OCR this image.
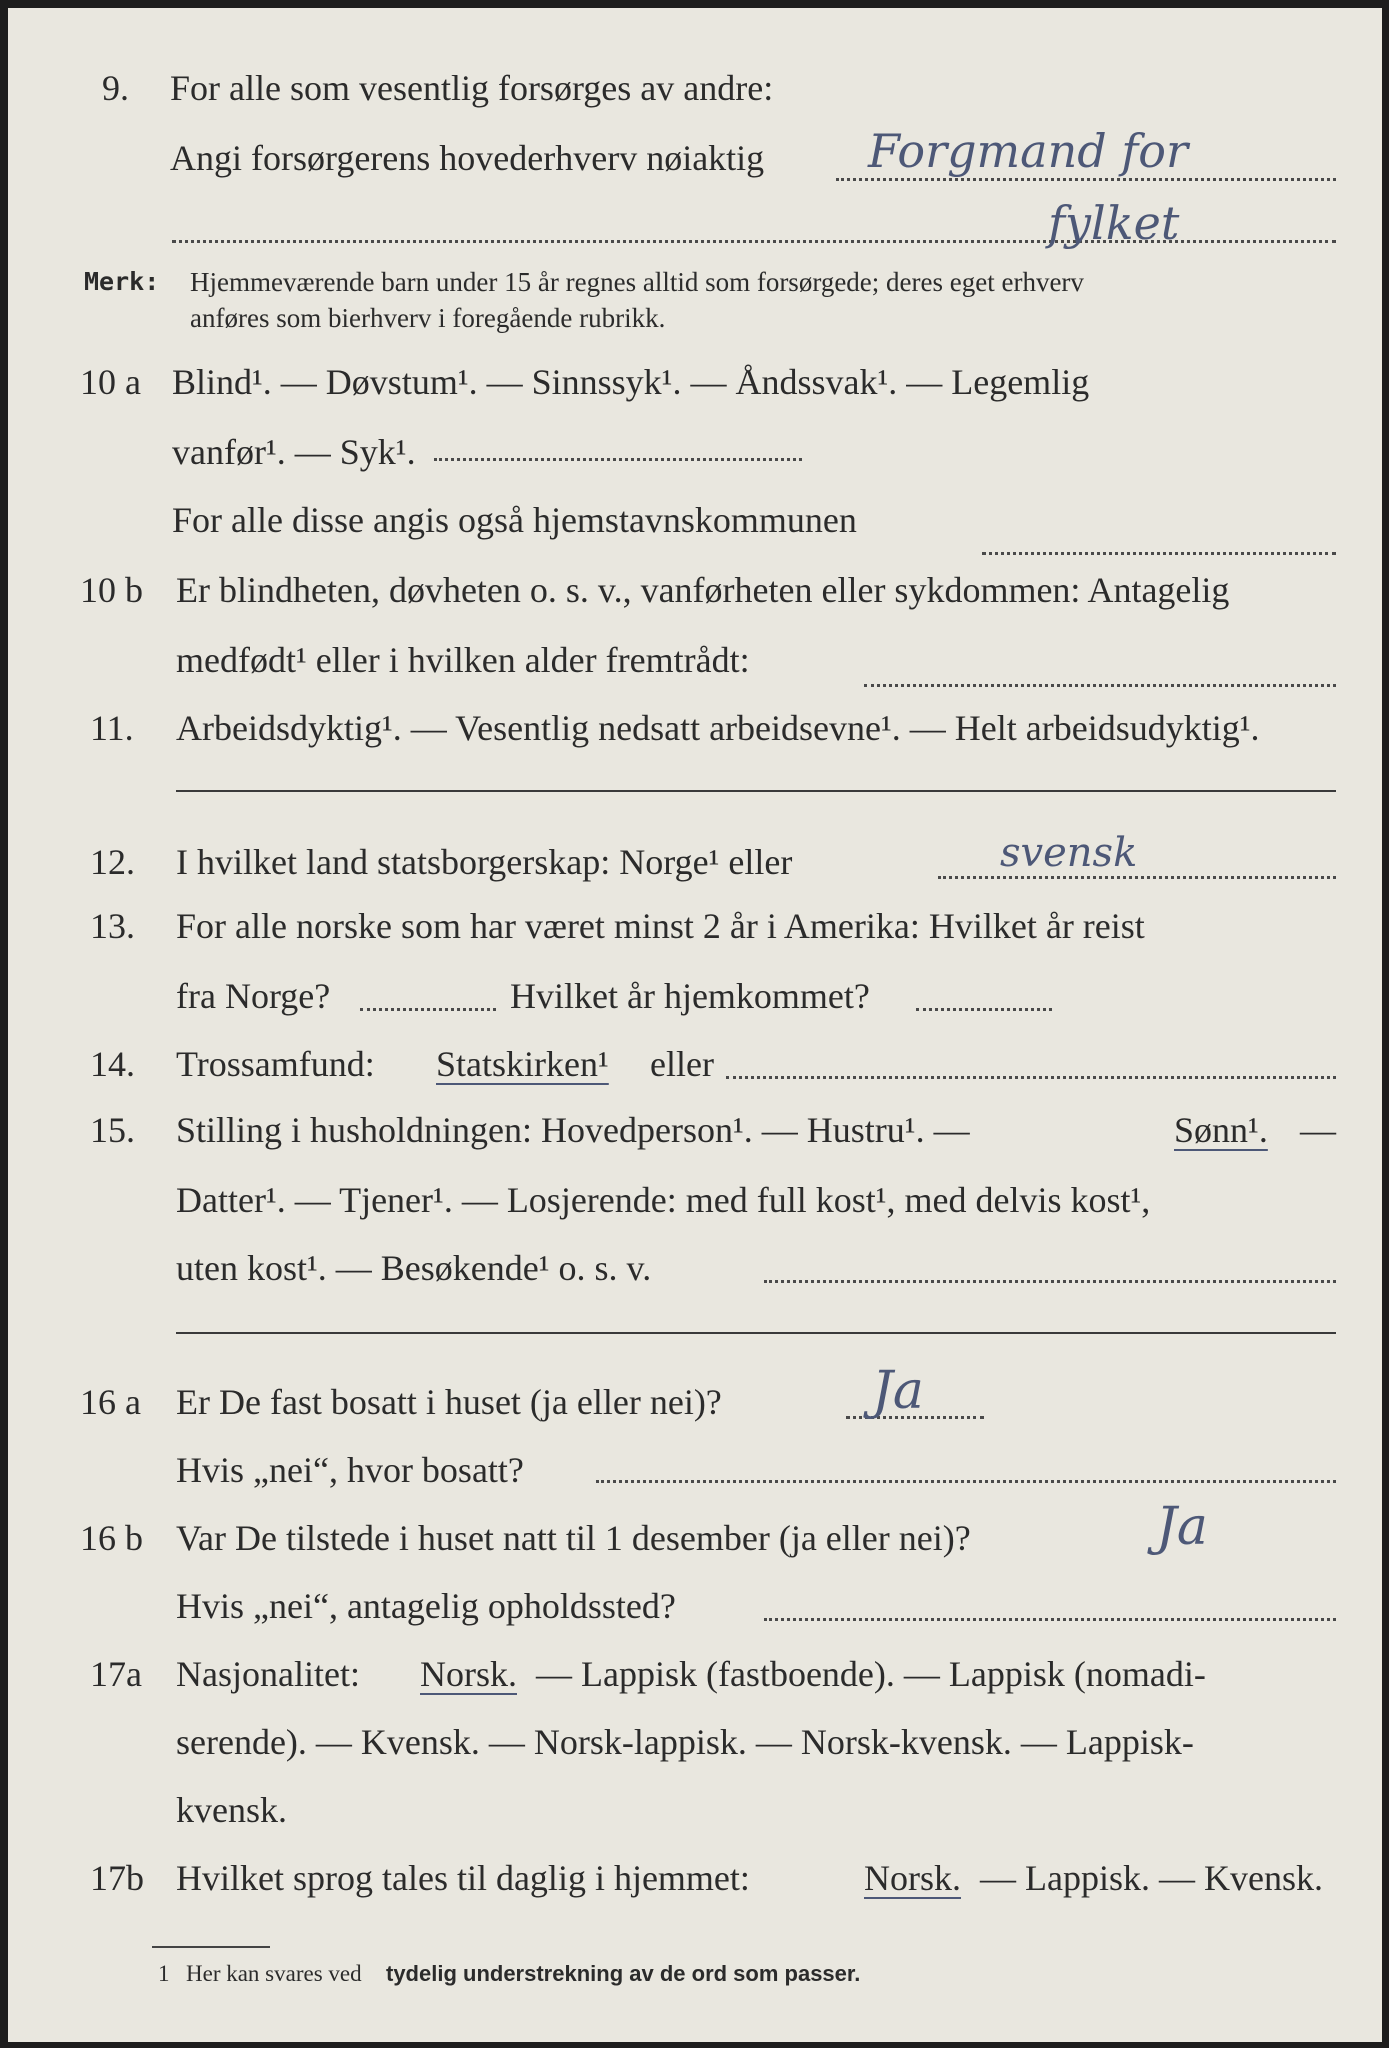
9. For alle som vesentlig forsørges av andre:
Angi forsørgerens hovederhverv nøiaktig Forgmand for
fylket
Merk: Hjemmeværende barn under 15 år regnes alltid som forsørgede; deres eget erhverv
anføres som bierhverv i foregående rubrikk.
10 a Blind¹. — Døvstum¹. — Sinnssyk¹. — Åndssvak¹. — Legemlig
vanfør¹. — Syk¹.
For alle disse angis også hjemstavnskommunen
10 b Er blindheten, døvheten o. s. v., vanførheten eller sykdommen: Antagelig
medfødt¹ eller i hvilken alder fremtrådt:
11. Arbeidsdyktig¹. — Vesentlig nedsatt arbeidsevne¹. — Helt arbeidsudyktig¹.
12. I hvilket land statsborgerskap: Norge¹ eller	svensk
13. For alle norske som har været minst 2 år i Amerika: Hvilket år reist
fra Norge?	Hvilket år hjemkommet?
14. Trossamfund: Statskirken¹ eller
15. Stilling i husholdningen: Hovedperson¹. — Hustru¹. —	Sønn¹. —
Datter¹. — Tjener¹. — Losjerende: med full kost¹, med delvis kost¹,
uten kost¹. — Besøkende¹ o. s. v.
16 a Er De fast bosatt i huset (ja eller nei)?	Ja
Hvis „nei“, hvor bosatt?
16 b Var De tilstede i huset natt til 1 desember (ja eller nei)?	Ja
Hvis „nei“, antagelig opholdssted?
17a Nasjonalitet: Norsk. — Lappisk (fastboende). — Lappisk (nomadi-
serende). — Kvensk. — Norsk-lappisk. — Norsk-kvensk. — Lappisk-
kvensk.
17b Hvilket sprog tales til daglig i hjemmet:	Norsk. — Lappisk. — Kvensk.
1 Her kan svares ved tydelig understrekning av de ord som passer.
